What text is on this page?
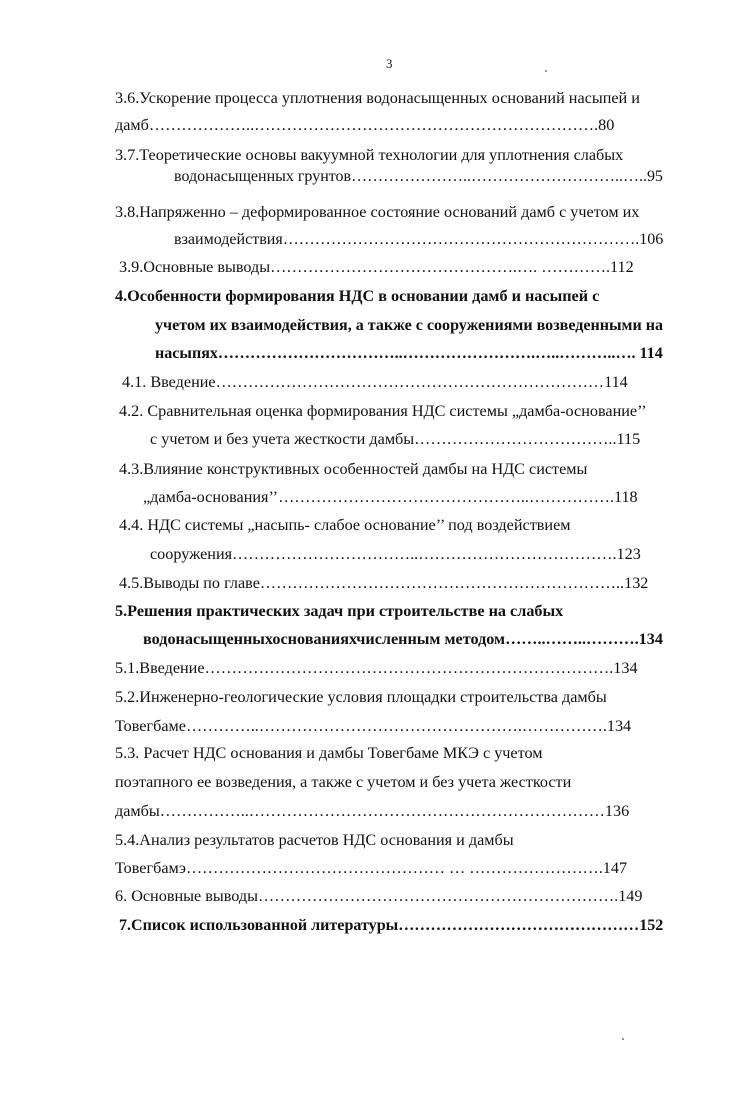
3
3.6.Ускорение процесса уплотнения водонасыщенных оснований насыпей и
дамб………………..……………………………………………………….80
3.7.Теоретические основы вакуумной технологии для уплотнения слабых
водонасыщенных грунтов…………………..………………………..…..95
3.8.Напряженно – деформированное состояние оснований дамб с учетом их
взаимодействия………………………………………………………….106
3.9.Основные выводы……………………………………….…. ………….112
4.Особенности формирования НДС в основании дамб и насыпей с
учетом их взаимодействия, а также с сооружениями возведенными на
насыпях……………………………..…………………….…..………..…. 114
4.1. Введение………………………………………………………………114
4.2. Сравнительная оценка формирования НДС системы „дамба-основание’’
с учетом и без учета жесткости дамбы………………………………..115
4.3.Влияние конструктивных особенностей дамбы на НДС системы
„дамба-основания’’………………………………………..…………….118
4.4. НДС системы „насыпь- слабое основание’’ под воздействием
сооружения……………………………..……………………………….123
4.5.Выводы по главе…………………………………………………………..132
5.Решения практических задач при строительстве на слабых
водонасыщенныхоснованияхчисленным методом……..……..……….134
5.1.Введение………………………………………………………………….134
5.2.Инженерно-геологические условия площадки строительства дамбы
Товегбаме…………..………………………………………….…………….134
5.3. Расчет НДС основания и дамбы Товегбаме МКЭ с учетом
поэтапного ее возведения, а также с учетом и без учета жесткости
дамбы……………..…………………………………………………………136
5.4.Анализ результатов расчетов НДС основания и дамбы
Товегбамэ………………………………………… … …………………….147
6. Основные выводы………………………………………………………….149
7.Список использованной литературы………………………………………152
